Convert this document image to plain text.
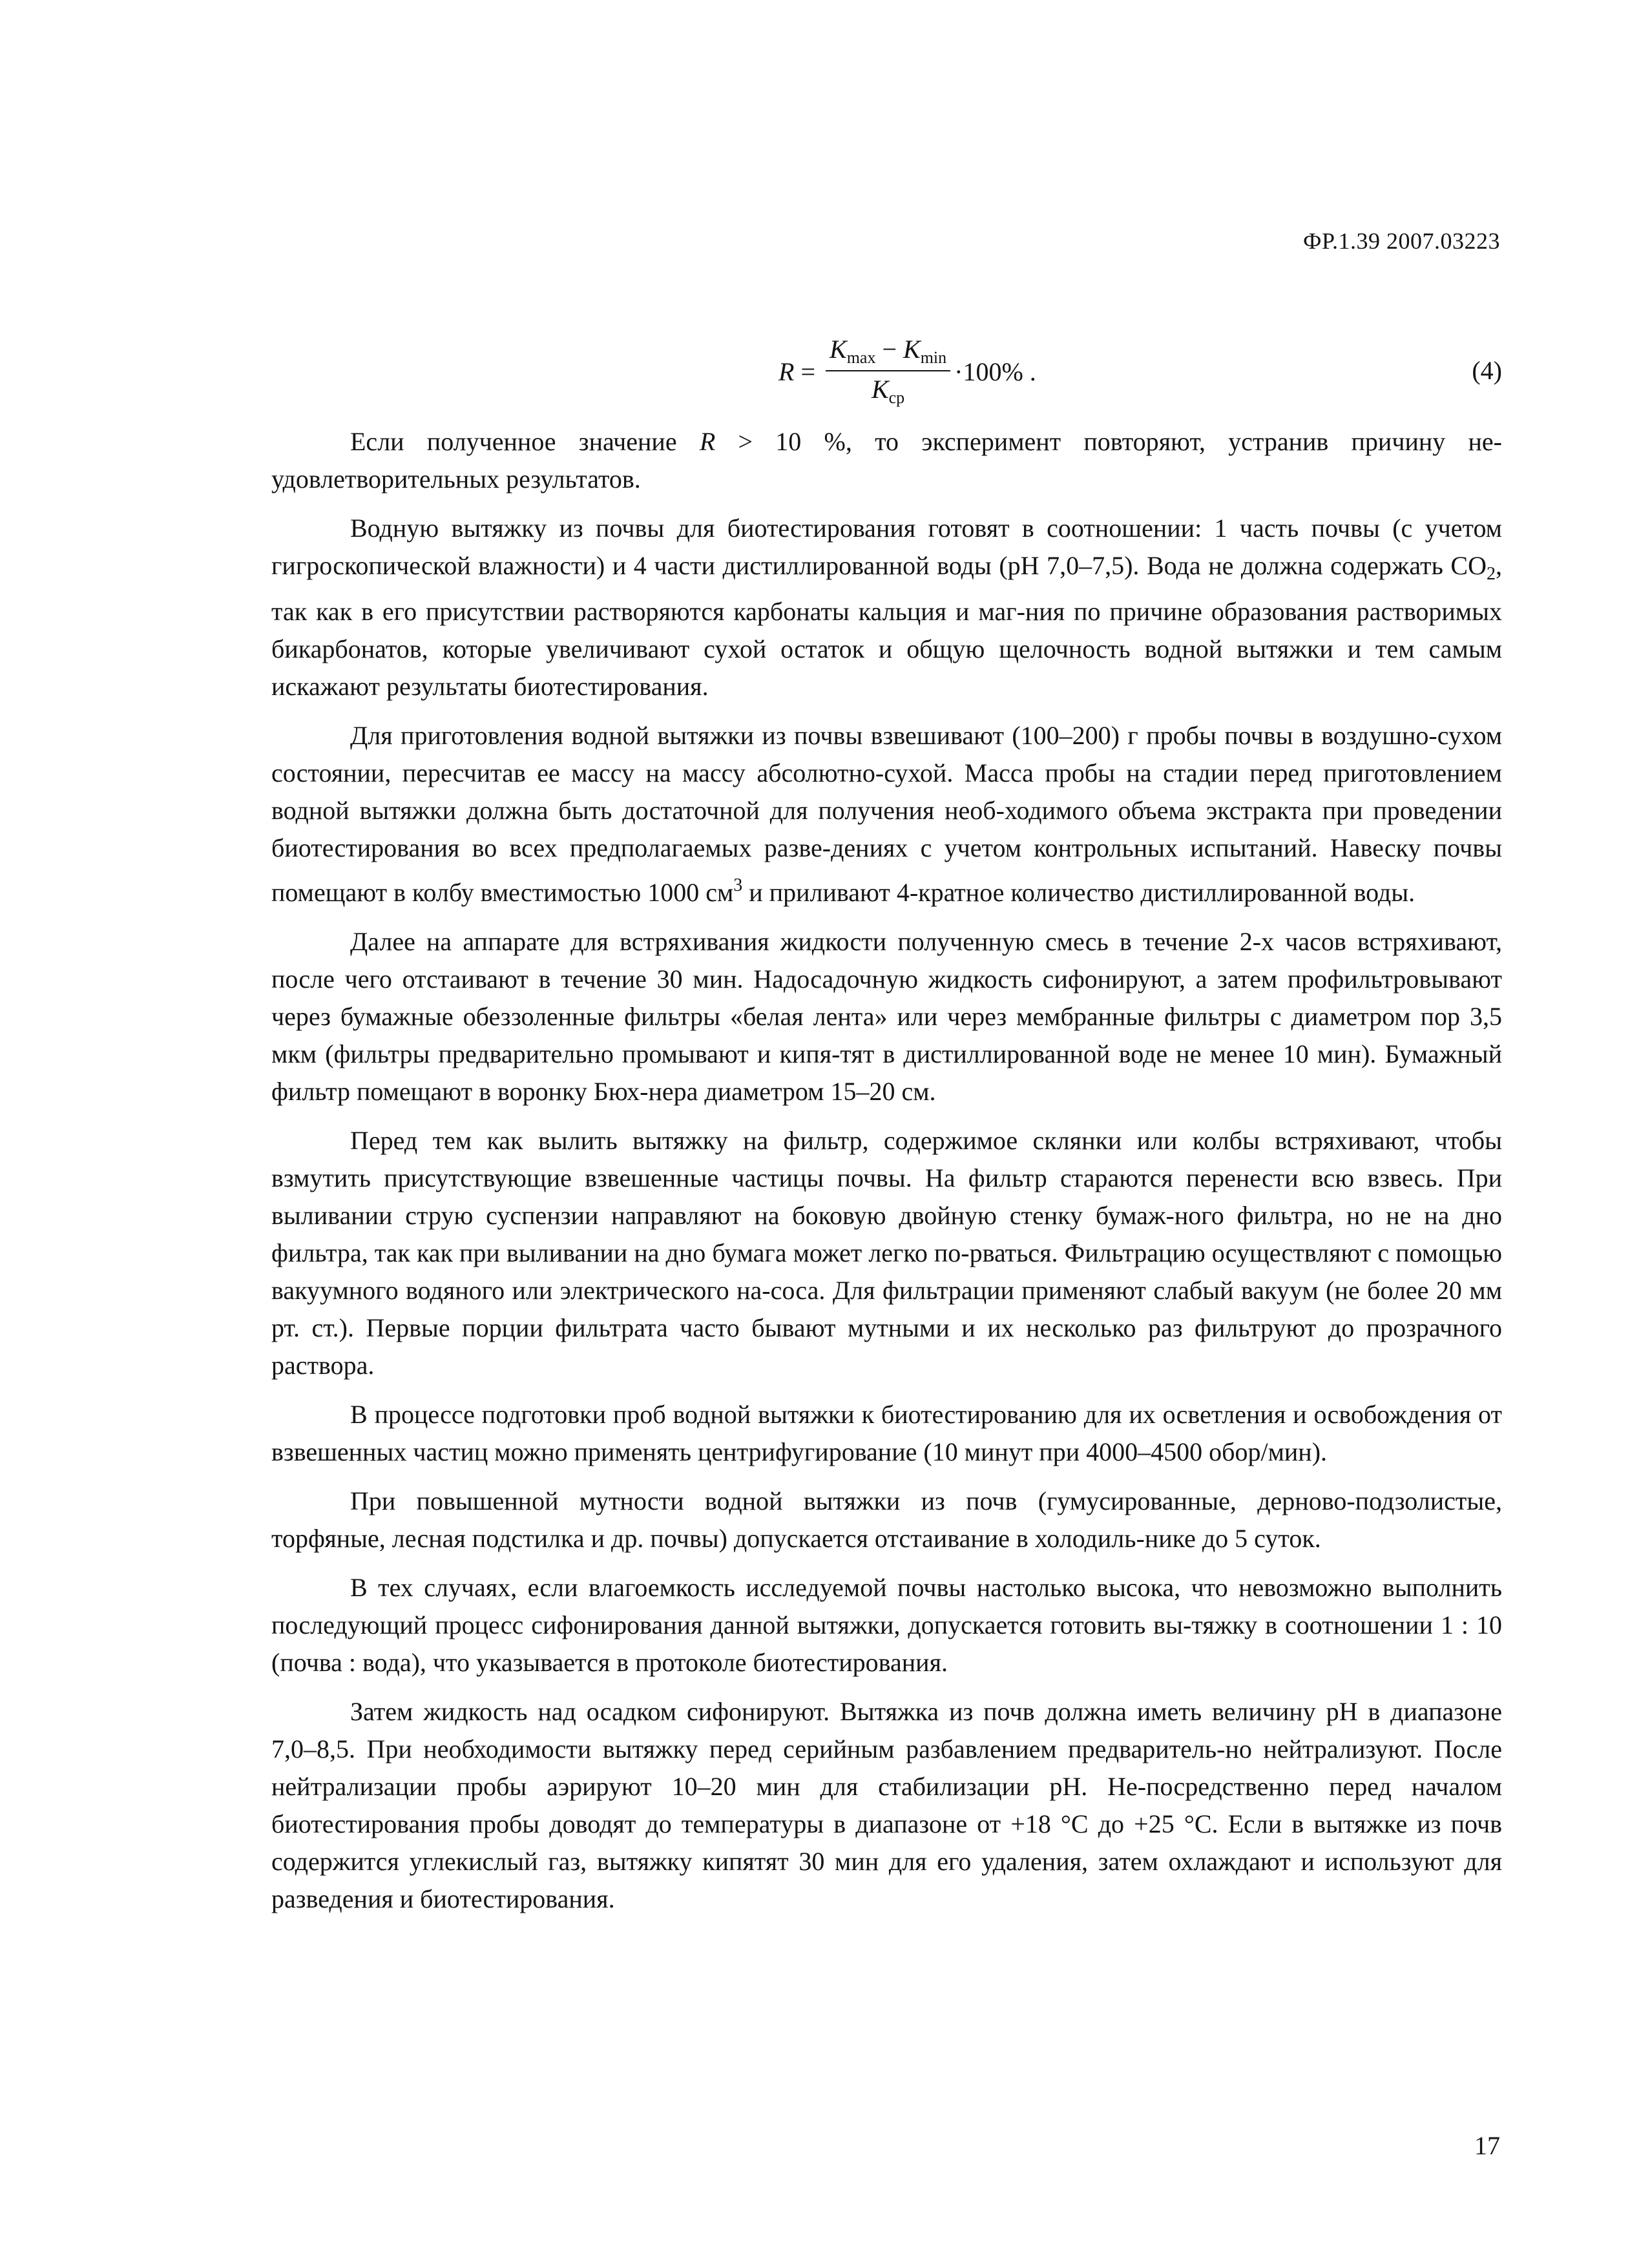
ФР.1.39 2007.03223
$R = \frac{K_{max} - K_{min}}{K_{ср}} \cdot 100\%$ .	(4)

Если полученное значение R > 10 %, то эксперимент повторяют, устранив причину не-удовлетворительных результатов.

Водную вытяжку из почвы для биотестирования готовят в соотношении: 1 часть почвы (с учетом гигроскопической влажности) и 4 части дистиллированной воды (рН 7,0–7,5). Вода не должна содержать $СО_2$, так как в его присутствии растворяются карбонаты кальция и маг-ния по причине образования растворимых бикарбонатов, которые увеличивают сухой остаток и общую щелочность водной вытяжки и тем самым искажают результаты биотестирования.

Для приготовления водной вытяжки из почвы взвешивают (100–200) г пробы почвы в воздушно-сухом состоянии, пересчитав ее массу на массу абсолютно-сухой. Масса пробы на стадии перед приготовлением водной вытяжки должна быть достаточной для получения необ-ходимого объема экстракта при проведении биотестирования во всех предполагаемых разве-дениях с учетом контрольных испытаний. Навеску почвы помещают в колбу вместимостью 1000 $см^3$ и приливают 4-кратное количество дистиллированной воды.

Далее на аппарате для встряхивания жидкости полученную смесь в течение 2-х часов встряхивают, после чего отстаивают в течение 30 мин. Надосадочную жидкость сифонируют, а затем профильтровывают через бумажные обеззоленные фильтры «белая лента» или через мембранные фильтры с диаметром пор 3,5 мкм (фильтры предварительно промывают и кипя-тят в дистиллированной воде не менее 10 мин). Бумажный фильтр помещают в воронку Бюх-нера диаметром 15–20 см.

Перед тем как вылить вытяжку на фильтр, содержимое склянки или колбы встряхивают, чтобы взмутить присутствующие взвешенные частицы почвы. На фильтр стараются перенести всю взвесь. При выливании струю суспензии направляют на боковую двойную стенку бумаж-ного фильтра, но не на дно фильтра, так как при выливании на дно бумага может легко по-рваться. Фильтрацию осуществляют с помощью вакуумного водяного или электрического на-соса. Для фильтрации применяют слабый вакуум (не более 20 мм рт. ст.). Первые порции фильтрата часто бывают мутными и их несколько раз фильтруют до прозрачного раствора.

В процессе подготовки проб водной вытяжки к биотестированию для их осветления и освобождения от взвешенных частиц можно применять центрифугирование (10 минут при 4000–4500 обор/мин).

При повышенной мутности водной вытяжки из почв (гумусированные, дерново-подзолистые, торфяные, лесная подстилка и др. почвы) допускается отстаивание в холодиль-нике до 5 суток.

В тех случаях, если влагоемкость исследуемой почвы настолько высока, что невозможно выполнить последующий процесс сифонирования данной вытяжки, допускается готовить вы-тяжку в соотношении 1 : 10 (почва : вода), что указывается в протоколе биотестирования.

Затем жидкость над осадком сифонируют. Вытяжка из почв должна иметь величину рН в диапазоне 7,0–8,5. При необходимости вытяжку перед серийным разбавлением предваритель-но нейтрализуют. После нейтрализации пробы аэрируют 10–20 мин для стабилизации рН. Не-посредственно перед началом биотестирования пробы доводят до температуры в диапазоне от +18 °С до +25 °С. Если в вытяжке из почв содержится углекислый газ, вытяжку кипятят 30 мин для его удаления, затем охлаждают и используют для разведения и биотестирования.

17
